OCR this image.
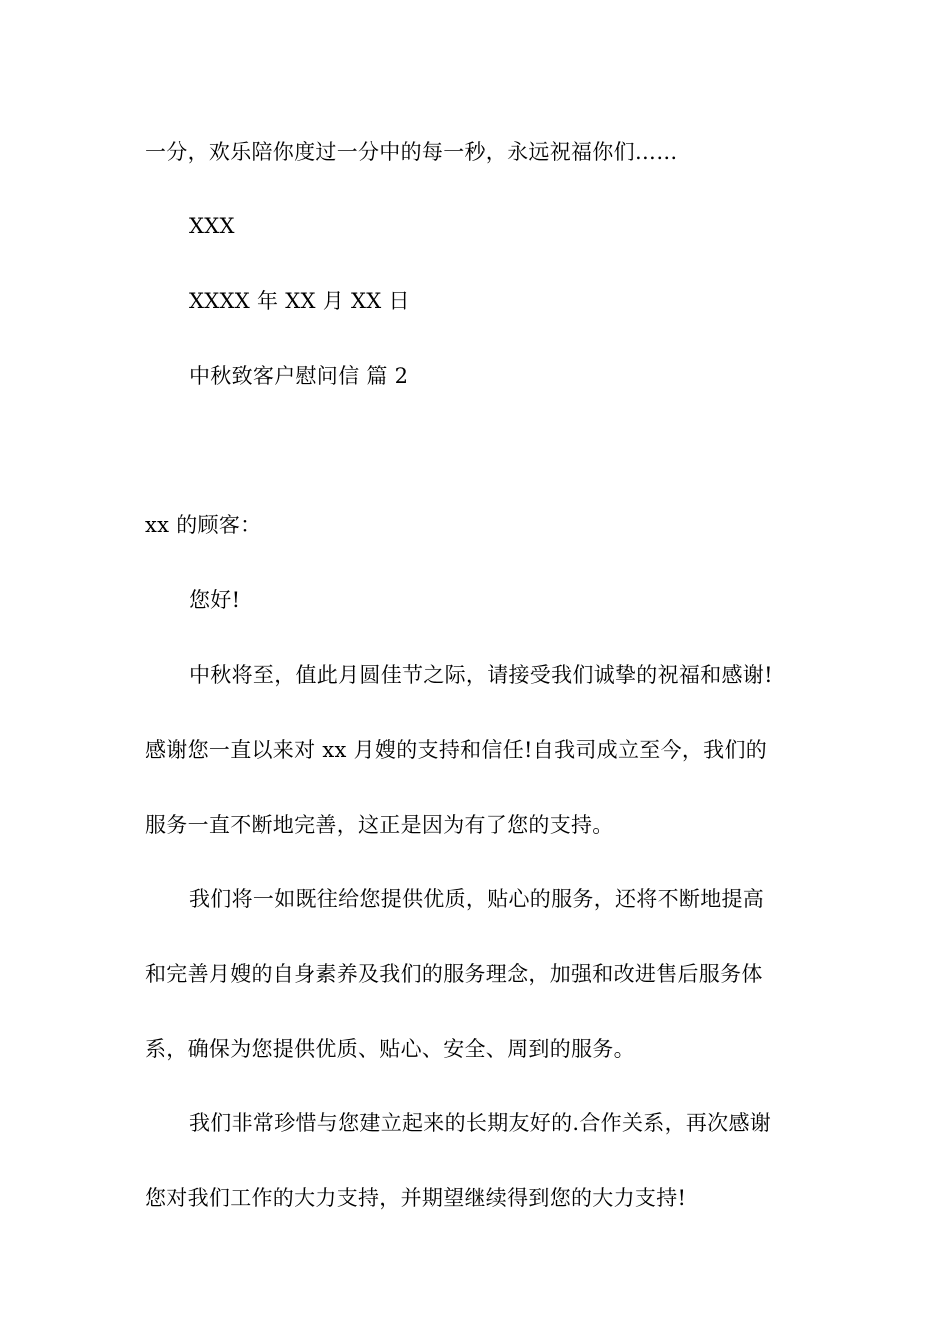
一分，欢乐陪你度过一分中的每一秒，永远祝福你们……
XXX
XXXX 年 XX 月 XX 日
中秋致客户慰问信 篇 2
xx 的顾客：
您好!
中秋将至，值此月圆佳节之际，请接受我们诚挚的祝福和感谢!
感谢您一直以来对 xx 月嫂的支持和信任!自我司成立至今，我们的
服务一直不断地完善，这正是因为有了您的支持。
我们将一如既往给您提供优质，贴心的服务，还将不断地提高
和完善月嫂的自身素养及我们的服务理念，加强和改进售后服务体
系，确保为您提供优质、贴心、安全、周到的服务。
我们非常珍惜与您建立起来的长期友好的.合作关系，再次感谢
您对我们工作的大力支持，并期望继续得到您的大力支持!
